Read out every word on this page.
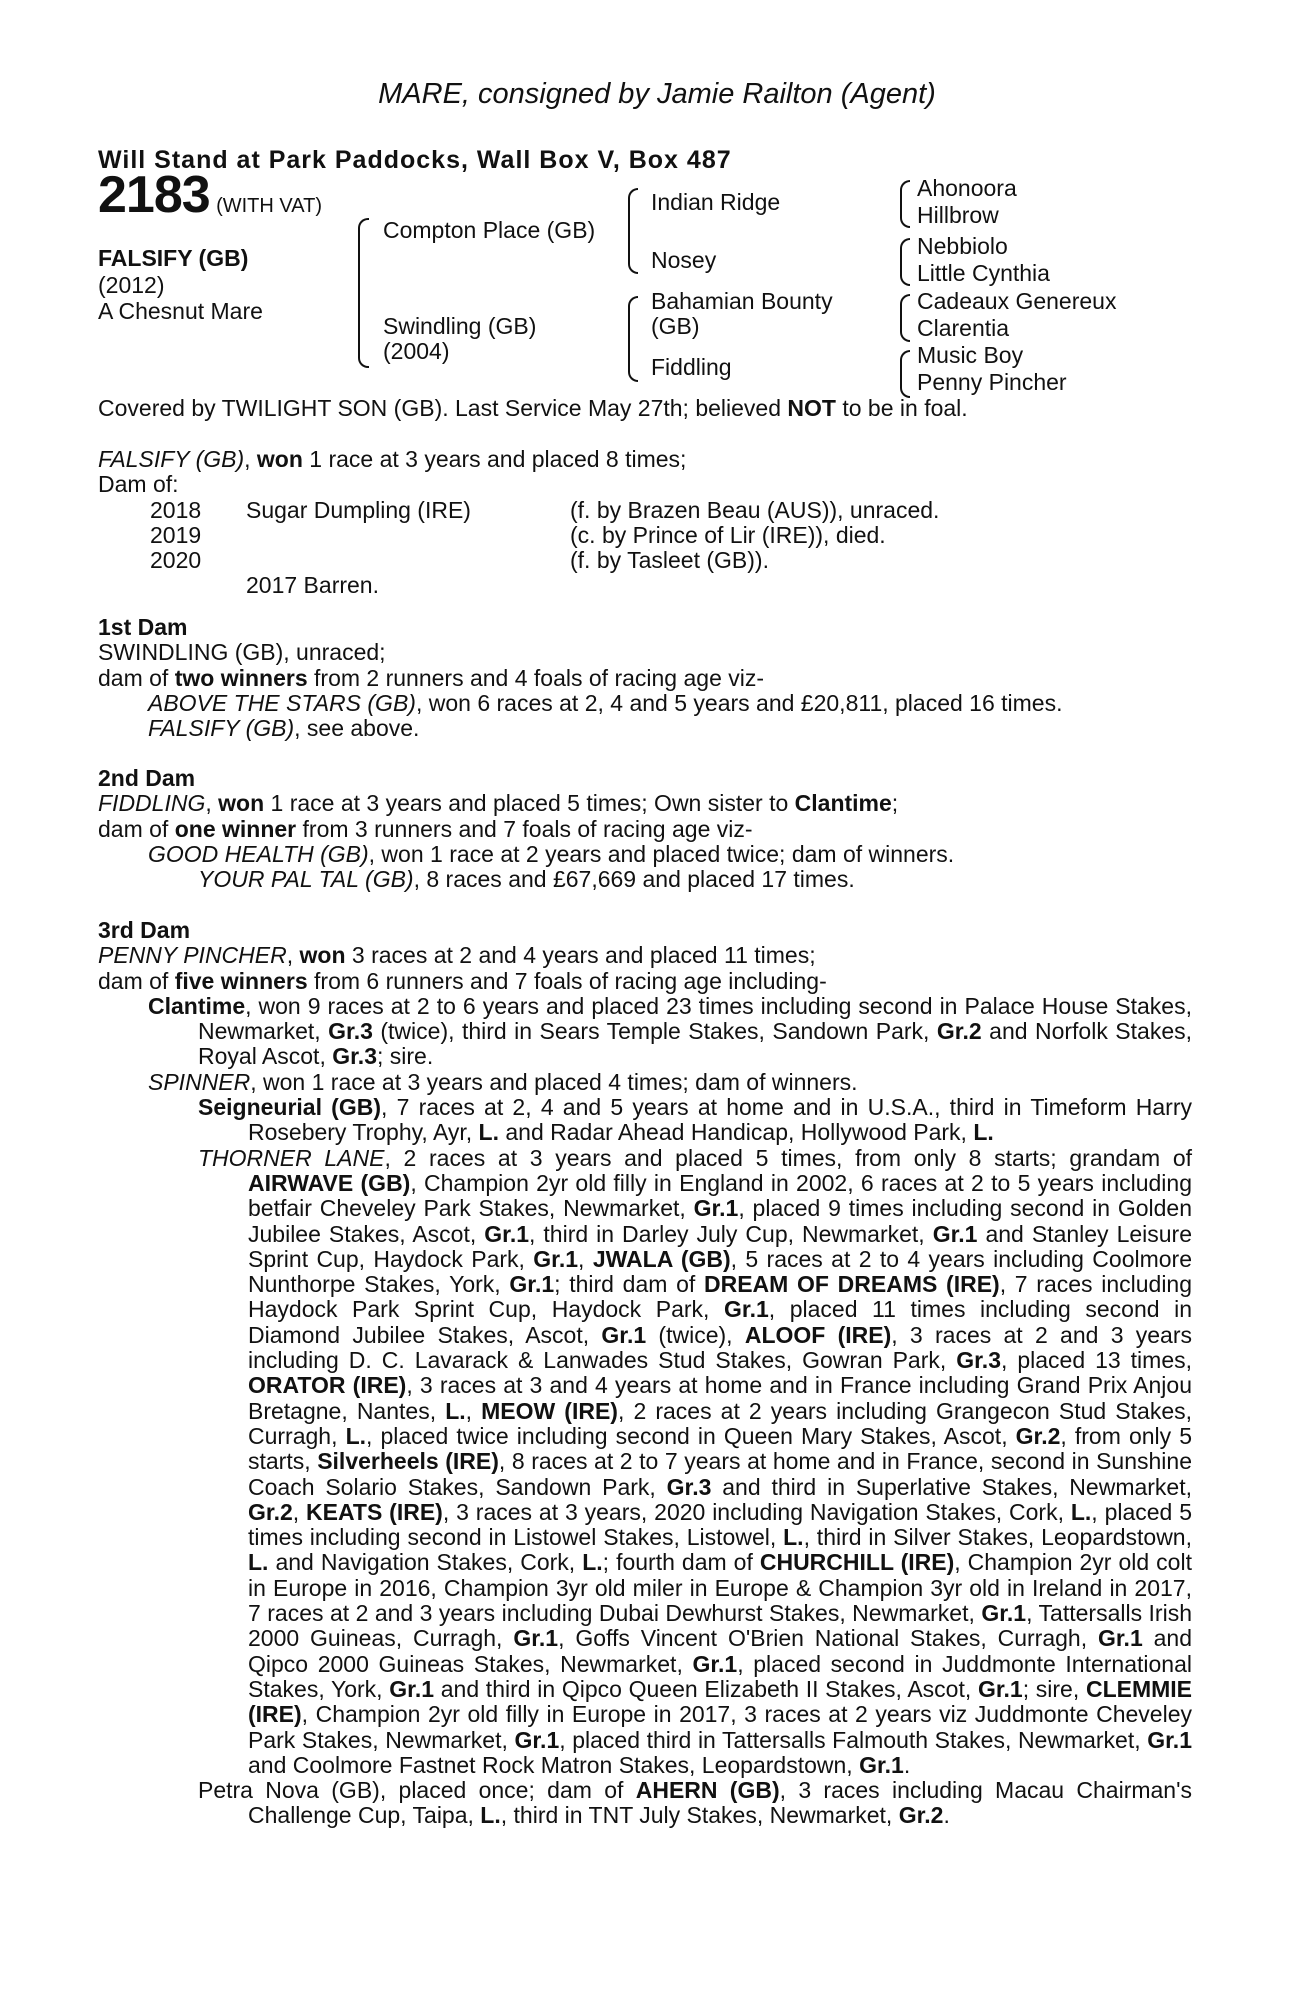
MARE, consigned by Jamie Railton (Agent)
Will Stand at Park Paddocks, Wall Box V, Box 487
2183 (WITH VAT)
FALSIFY (GB)
(2012)
A Chesnut Mare
Compton Place (GB)
Swindling (GB)
(2004)
Indian Ridge
Nosey
Bahamian Bounty
(GB)
Fiddling
Ahonoora
Hillbrow
Nebbiolo
Little Cynthia
Cadeaux Genereux
Clarentia
Music Boy
Penny Pincher
Covered by TWILIGHT SON (GB). Last Service May 27th; believed NOT to be in foal.
FALSIFY (GB), won 1 race at 3 years and placed 8 times;
Dam of:
2018 Sugar Dumpling (IRE)	(f. by Brazen Beau (AUS)), unraced.
2019	(c. by Prince of Lir (IRE)), died.
2020	(f. by Tasleet (GB)).
2017 Barren.
1st Dam
SWINDLING (GB), unraced;
dam of two winners from 2 runners and 4 foals of racing age viz-
ABOVE THE STARS (GB), won 6 races at 2, 4 and 5 years and £20,811, placed 16 times.
FALSIFY (GB), see above.
2nd Dam
FIDDLING, won 1 race at 3 years and placed 5 times; Own sister to Clantime;
dam of one winner from 3 runners and 7 foals of racing age viz-
GOOD HEALTH (GB), won 1 race at 2 years and placed twice; dam of winners.
YOUR PAL TAL (GB), 8 races and £67,669 and placed 17 times.
3rd Dam
PENNY PINCHER, won 3 races at 2 and 4 years and placed 11 times;
dam of five winners from 6 runners and 7 foals of racing age including-
Clantime, won 9 races at 2 to 6 years and placed 23 times including second in Palace House Stakes, Newmarket, Gr.3 (twice), third in Sears Temple Stakes, Sandown Park, Gr.2 and Norfolk Stakes, Royal Ascot, Gr.3; sire.
SPINNER, won 1 race at 3 years and placed 4 times; dam of winners.
Seigneurial (GB), 7 races at 2, 4 and 5 years at home and in U.S.A., third in Timeform Harry Rosebery Trophy, Ayr, L. and Radar Ahead Handicap, Hollywood Park, L.
THORNER LANE, 2 races at 3 years and placed 5 times, from only 8 starts; grandam of AIRWAVE (GB), Champion 2yr old filly in England in 2002, 6 races at 2 to 5 years including betfair Cheveley Park Stakes, Newmarket, Gr.1, placed 9 times including second in Golden Jubilee Stakes, Ascot, Gr.1, third in Darley July Cup, Newmarket, Gr.1 and Stanley Leisure Sprint Cup, Haydock Park, Gr.1, JWALA (GB), 5 races at 2 to 4 years including Coolmore Nunthorpe Stakes, York, Gr.1; third dam of DREAM OF DREAMS (IRE), 7 races including Haydock Park Sprint Cup, Haydock Park, Gr.1, placed 11 times including second in Diamond Jubilee Stakes, Ascot, Gr.1 (twice), ALOOF (IRE), 3 races at 2 and 3 years including D. C. Lavarack & Lanwades Stud Stakes, Gowran Park, Gr.3, placed 13 times, ORATOR (IRE), 3 races at 3 and 4 years at home and in France including Grand Prix Anjou Bretagne, Nantes, L., MEOW (IRE), 2 races at 2 years including Grangecon Stud Stakes, Curragh, L., placed twice including second in Queen Mary Stakes, Ascot, Gr.2, from only 5 starts, Silverheels (IRE), 8 races at 2 to 7 years at home and in France, second in Sunshine Coach Solario Stakes, Sandown Park, Gr.3 and third in Superlative Stakes, Newmarket, Gr.2, KEATS (IRE), 3 races at 3 years, 2020 including Navigation Stakes, Cork, L., placed 5 times including second in Listowel Stakes, Listowel, L., third in Silver Stakes, Leopardstown, L. and Navigation Stakes, Cork, L.; fourth dam of CHURCHILL (IRE), Champion 2yr old colt in Europe in 2016, Champion 3yr old miler in Europe & Champion 3yr old in Ireland in 2017, 7 races at 2 and 3 years including Dubai Dewhurst Stakes, Newmarket, Gr.1, Tattersalls Irish 2000 Guineas, Curragh, Gr.1, Goffs Vincent O'Brien National Stakes, Curragh, Gr.1 and Qipco 2000 Guineas Stakes, Newmarket, Gr.1, placed second in Juddmonte International Stakes, York, Gr.1 and third in Qipco Queen Elizabeth II Stakes, Ascot, Gr.1; sire, CLEMMIE (IRE), Champion 2yr old filly in Europe in 2017, 3 races at 2 years viz Juddmonte Cheveley Park Stakes, Newmarket, Gr.1, placed third in Tattersalls Falmouth Stakes, Newmarket, Gr.1 and Coolmore Fastnet Rock Matron Stakes, Leopardstown, Gr.1.
Petra Nova (GB), placed once; dam of AHERN (GB), 3 races including Macau Chairman's Challenge Cup, Taipa, L., third in TNT July Stakes, Newmarket, Gr.2.
